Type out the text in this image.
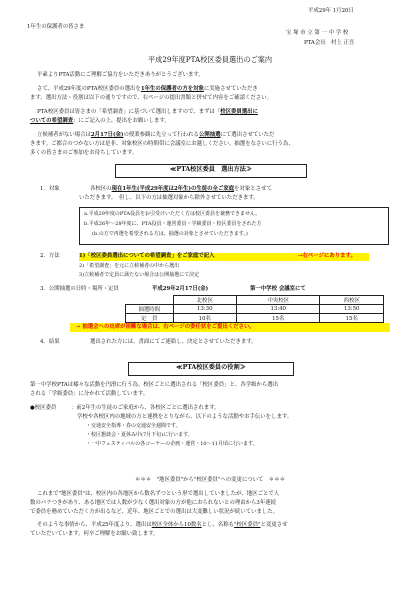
平成29年 1月20日
1年生の保護者の皆さま
宝 塚 市 立 第 一 中 学 校
PTA会長　村上 正吾
平成29年度PTA校区委員選出のご案内
平素よりPTA活動にご理解ご協力をいただきありがとうございます。
さて、平成29年度のPTA校区委員の選出を1年生の保護者の方を対象に実施させていただき
ます。選出方法・役割は以下の通りですので、右ページの提出書類と併せて内容をご確認ください。
PTA校区委員は皆さまの「希望調査」に基づいて選出しますので、まずは「校区委員選出に
ついての希望調査」にご記入の上、提出をお願いします。
立候補者がない場合は2月17日(金)の授業参観に先立って行われる公開抽選にて選出させていただ
きます。ご都合のつかない方は是非、対象校区の時間帯に会議室にお越しください。抽選をなさいに行う為、
多くの皆さまのご参加をお待ちしています。
≪PTA校区委員　選出方法≫
1．対象	各校区の現在1年生(平成29年度は2年生)の生徒の全ご家庭を対象とさせて
いただきます。　但し、以下の方は抽選対象から除外させていただきます。
a.平成29年度のPTA役員をお引受けいただく方は校区委員を兼務できません。
b.平成26年～28年度に、PTA役員・運営委員・学級委員・校区委員をされた方
(b.の方で再選を希望される方は、抽選の対象とさせていただきます。)
2．方法	1)「校区委員選出についての希望調査」をご家庭で記入	→右ページにあります。
2)「希望調査」を元に立候補者の中から選出
3)立候補者で定員に満たない場合は公開抽選にて決定
3．公開抽選の日時・場所・定員	平成29年2月17日(金)	第一中学校 会議室にて
	北校区	中央校区	西校区
抽選時間	13:30	13:40	13:50
定　員	10名	15名	15名
→ 抽選会への出席が困難な場合は、右ページの委任状をご提出ください。
4．結果	選出された方には、書面にてご連絡し、決定とさせていただきます。
≪PTA校区委員の役割≫
第一中学校PTAは様々な活動を円滑に行う為、校区ごとに選出される「校区委員」と、各学級から選出
される「学級委員」に分かれて活動しています。
●校区委員	：前2年生の生徒のご家庭から、各校区ごとに選出されます。
学校や各校区内の地域の方と連携をとりながら、以下のような活動やお手伝いをします。
・交通安全指導・春の交通安全週間です。
・校区懇談会・夏休み中(7月下旬)に行います。
・一中フェスティバルの各コーナーの企画・運営・10～11月頃に行います。
＊＊＊　"地区委員"から"校区委員"への変更について　＊＊＊
これまで"地区委員"は、校区内の各地区から数名ずつという形で選出していましたが、地区ごとで人
数のバラつきがあり、ある地区では人数が少なく選出対象の方が他におられないとの理由から3年連続
で委員を務めていただく方が出るなど、近年、地区ごとでの選出は大変難しい状況が続いていました。
そのような事情から、平成25年度より、選出は校区全体から10数名とし、名称も"校区委員"と変更させ
ていただいています。何卒ご理解をお願い致します。
